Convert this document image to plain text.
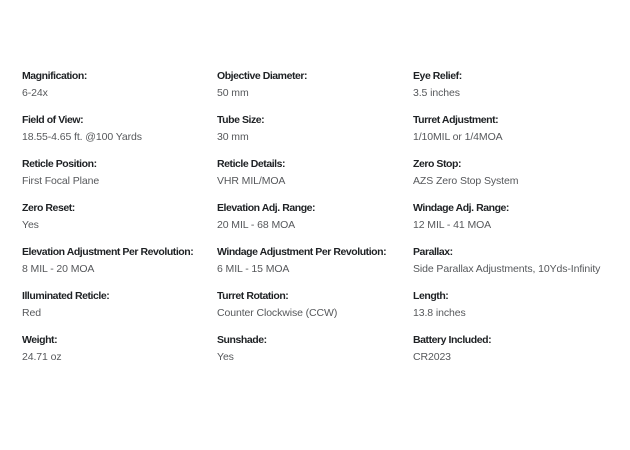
Magnification:
6-24x
Objective Diameter:
50 mm
Eye Relief:
3.5 inches
Field of View:
18.55-4.65 ft. @100 Yards
Tube Size:
30 mm
Turret Adjustment:
1/10MIL or 1/4MOA
Reticle Position:
First Focal Plane
Reticle Details:
VHR MIL/MOA
Zero Stop:
AZS Zero Stop System
Zero Reset:
Yes
Elevation Adj. Range:
20 MIL - 68 MOA
Windage Adj. Range:
12 MIL - 41 MOA
Elevation Adjustment Per Revolution:
8 MIL - 20 MOA
Windage Adjustment Per Revolution:
6 MIL - 15 MOA
Parallax:
Side Parallax Adjustments, 10Yds-Infinity
Illuminated Reticle:
Red
Turret Rotation:
Counter Clockwise (CCW)
Length:
13.8 inches
Weight:
24.71 oz
Sunshade:
Yes
Battery Included:
CR2023
